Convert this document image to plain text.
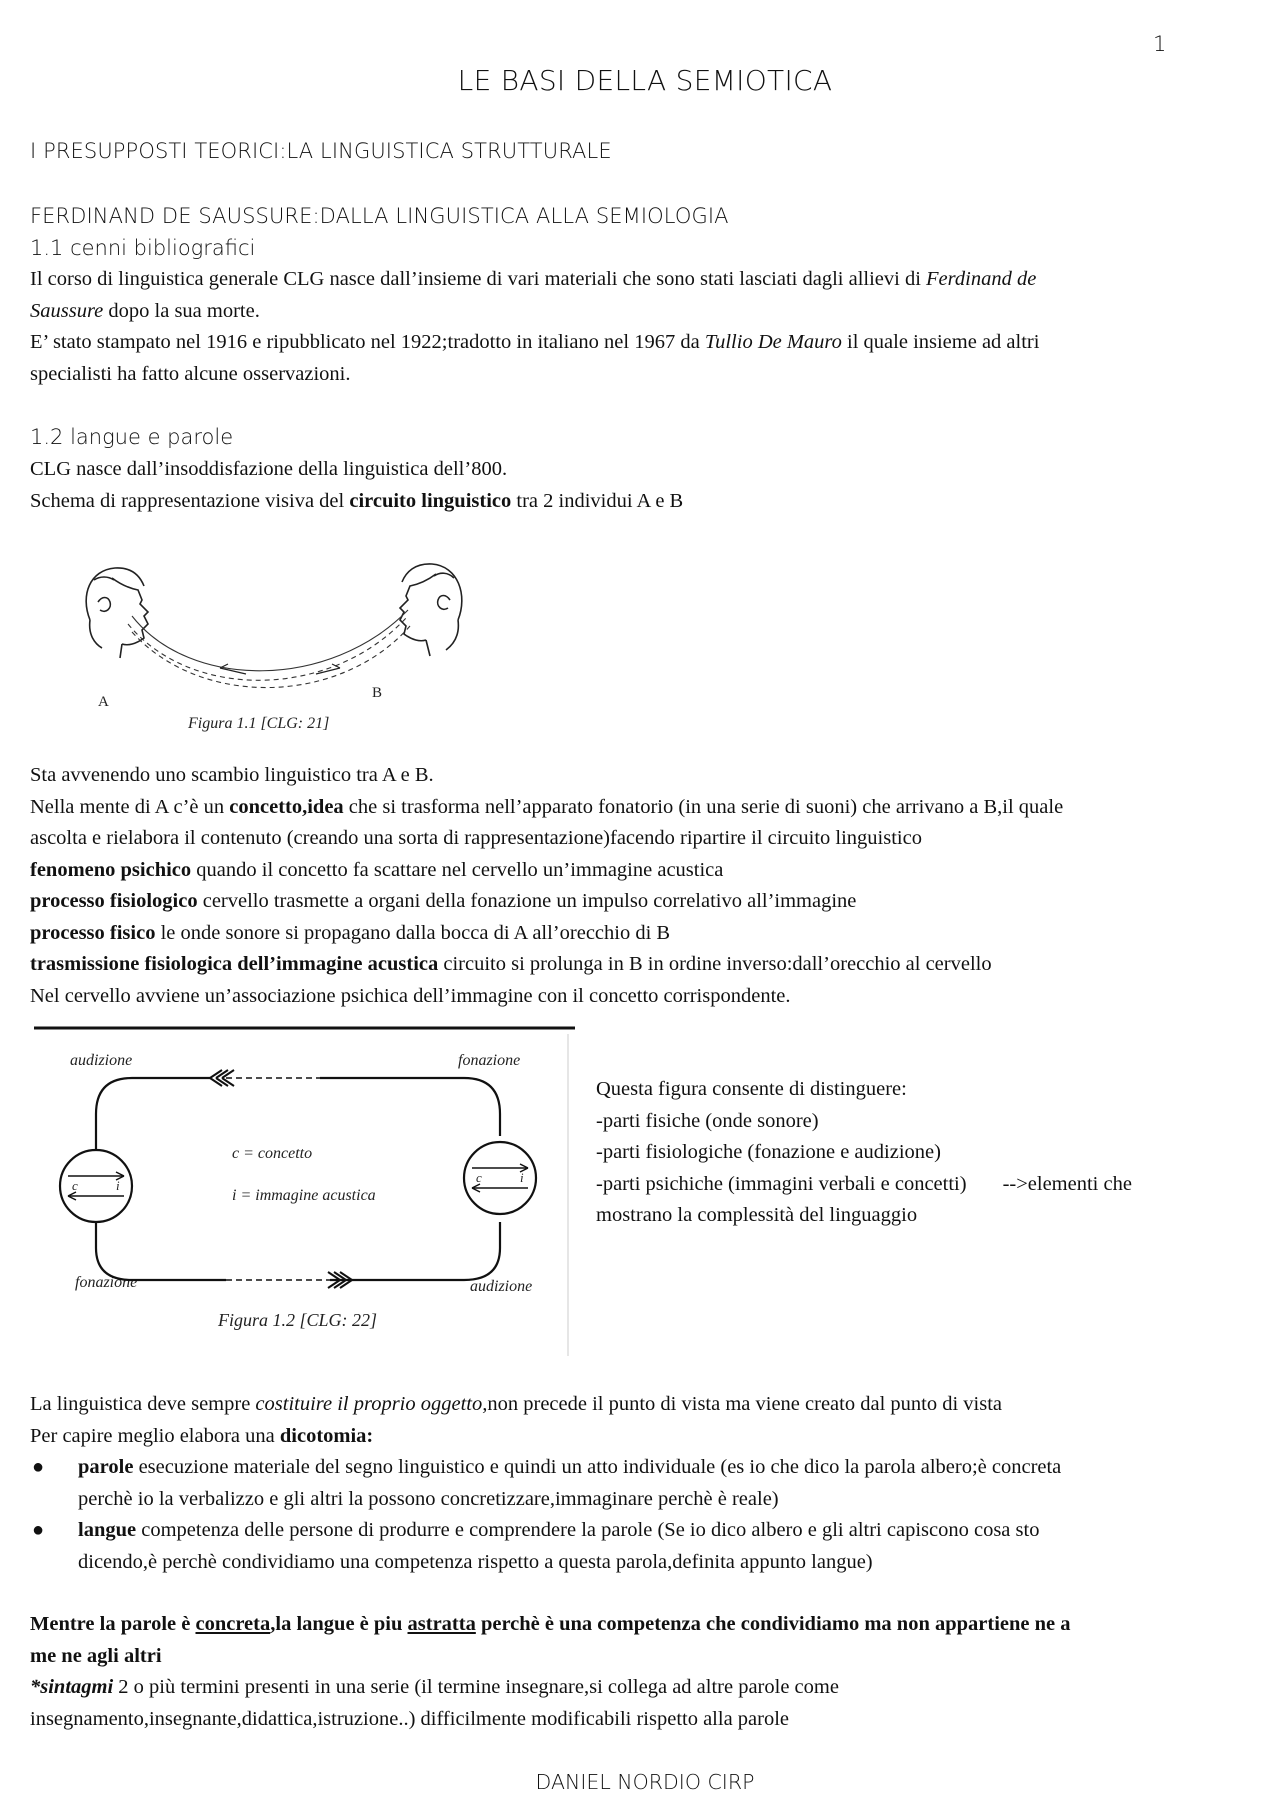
1
LE BASI DELLA SEMIOTICA
I PRESUPPOSTI TEORICI:LA LINGUISTICA STRUTTURALE
FERDINAND DE SAUSSURE:DALLA LINGUISTICA ALLA SEMIOLOGIA
1.1 cenni bibliografici
Il corso di linguistica generale CLG nasce dall’insieme di vari materiali che sono stati lasciati dagli allievi di Ferdinand de
Saussure dopo la sua morte.
E’ stato stampato nel 1916 e ripubblicato nel 1922;tradotto in italiano nel 1967 da Tullio De Mauro il quale insieme ad altri
specialisti ha fatto alcune osservazioni.
1.2 langue e parole
CLG nasce dall’insoddisfazione della linguistica dell’800.
Schema di rappresentazione visiva del circuito linguistico tra 2 individui A e B
A
B
Figura 1.1 [CLG: 21]
Sta avvenendo uno scambio linguistico tra A e B.
Nella mente di A c’è un concetto,idea che si trasforma nell’apparato fonatorio (in una serie di suoni) che arrivano a B,il quale
ascolta e rielabora il contenuto (creando una sorta di rappresentazione)facendo ripartire il circuito linguistico
fenomeno psichico quando il concetto fa scattare nel cervello un’immagine acustica
processo fisiologico cervello trasmette a organi della fonazione un impulso correlativo all’immagine
processo fisico le onde sonore si propagano dalla bocca di A all’orecchio di B
trasmissione fisiologica dell’immagine acustica circuito si prolunga in B in ordine inverso:dall’orecchio al cervello
Nel cervello avviene un’associazione psichica dell’immagine con il concetto corrispondente.
audizione	fonazione
fonazione	audizione
c	i
c	i
c = concetto
i = immagine acustica
Figura 1.2 [CLG: 22]
Questa figura consente di distinguere:
-parti fisiche (onde sonore)
-parti fisiologiche (fonazione e audizione)
-parti psichiche (immagini verbali e concetti) -->elementi che
mostrano la complessità del linguaggio
La linguistica deve sempre costituire il proprio oggetto,non precede il punto di vista ma viene creato dal punto di vista
Per capire meglio elabora una dicotomia:
●	parole esecuzione materiale del segno linguistico e quindi un atto individuale (es io che dico la parola albero;è concreta
perchè io la verbalizzo e gli altri la possono concretizzare,immaginare perchè è reale)
●	langue competenza delle persone di produrre e comprendere la parole (Se io dico albero e gli altri capiscono cosa sto
dicendo,è perchè condividiamo una competenza rispetto a questa parola,definita appunto langue)
Mentre la parole è concreta,la langue è piu astratta perchè è una competenza che condividiamo ma non appartiene ne a
me ne agli altri
*sintagmi 2 o più termini presenti in una serie (il termine insegnare,si collega ad altre parole come
insegnamento,insegnante,didattica,istruzione..) difficilmente modificabili rispetto alla parole
DANIEL NORDIO CIRP
